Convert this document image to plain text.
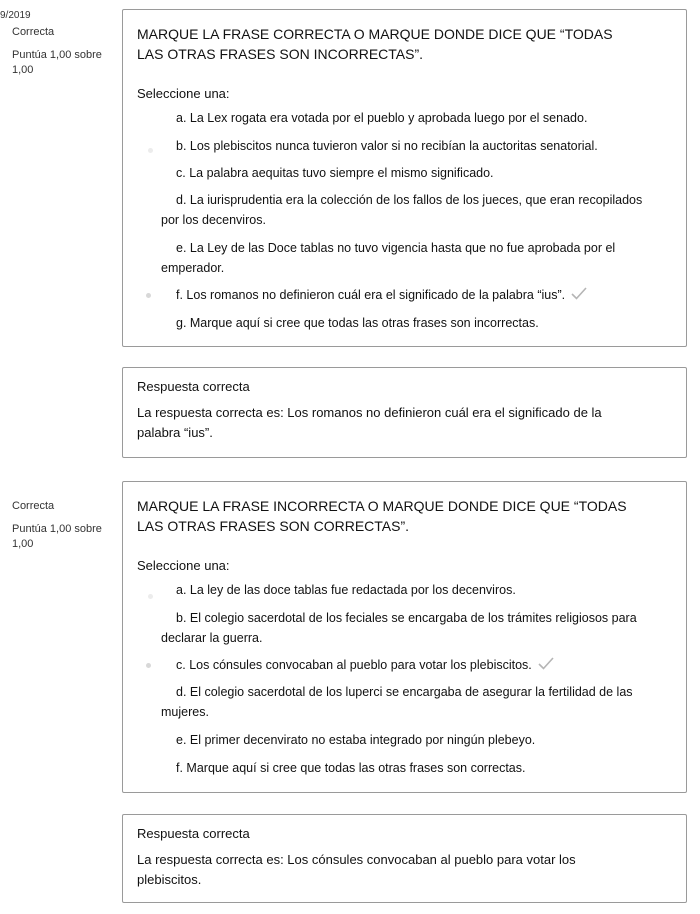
9/2019
Correcta
Puntúa 1,00 sobre
1,00
MARQUE LA FRASE CORRECTA O MARQUE DONDE DICE QUE “TODAS LAS OTRAS FRASES SON INCORRECTAS”.
Seleccione una:
a. La Lex rogata era votada por el pueblo y aprobada luego por el senado.
b. Los plebiscitos nunca tuvieron valor si no recibían la auctoritas senatorial.
c. La palabra aequitas tuvo siempre el mismo significado.
d. La iurisprudentia era la colección de los fallos de los jueces, que eran recopilados por los decenviros.
e. La Ley de las Doce tablas no tuvo vigencia hasta que no fue aprobada por el emperador.
f. Los romanos no definieron cuál era el significado de la palabra “ius”.
g. Marque aquí si cree que todas las otras frases son incorrectas.
Respuesta correcta
La respuesta correcta es: Los romanos no definieron cuál era el significado de la palabra “ius”.
Correcta
Puntúa 1,00 sobre
1,00
MARQUE LA FRASE INCORRECTA O MARQUE DONDE DICE QUE “TODAS LAS OTRAS FRASES SON CORRECTAS”.
Seleccione una:
a. La ley de las doce tablas fue redactada por los decenviros.
b. El colegio sacerdotal de los feciales se encargaba de los trámites religiosos para declarar la guerra.
c. Los cónsules convocaban al pueblo para votar los plebiscitos.
d. El colegio sacerdotal de los luperci se encargaba de asegurar la fertilidad de las mujeres.
e. El primer decenvirato no estaba integrado por ningún plebeyo.
f. Marque aquí si cree que todas las otras frases son correctas.
Respuesta correcta
La respuesta correcta es: Los cónsules convocaban al pueblo para votar los plebiscitos.
